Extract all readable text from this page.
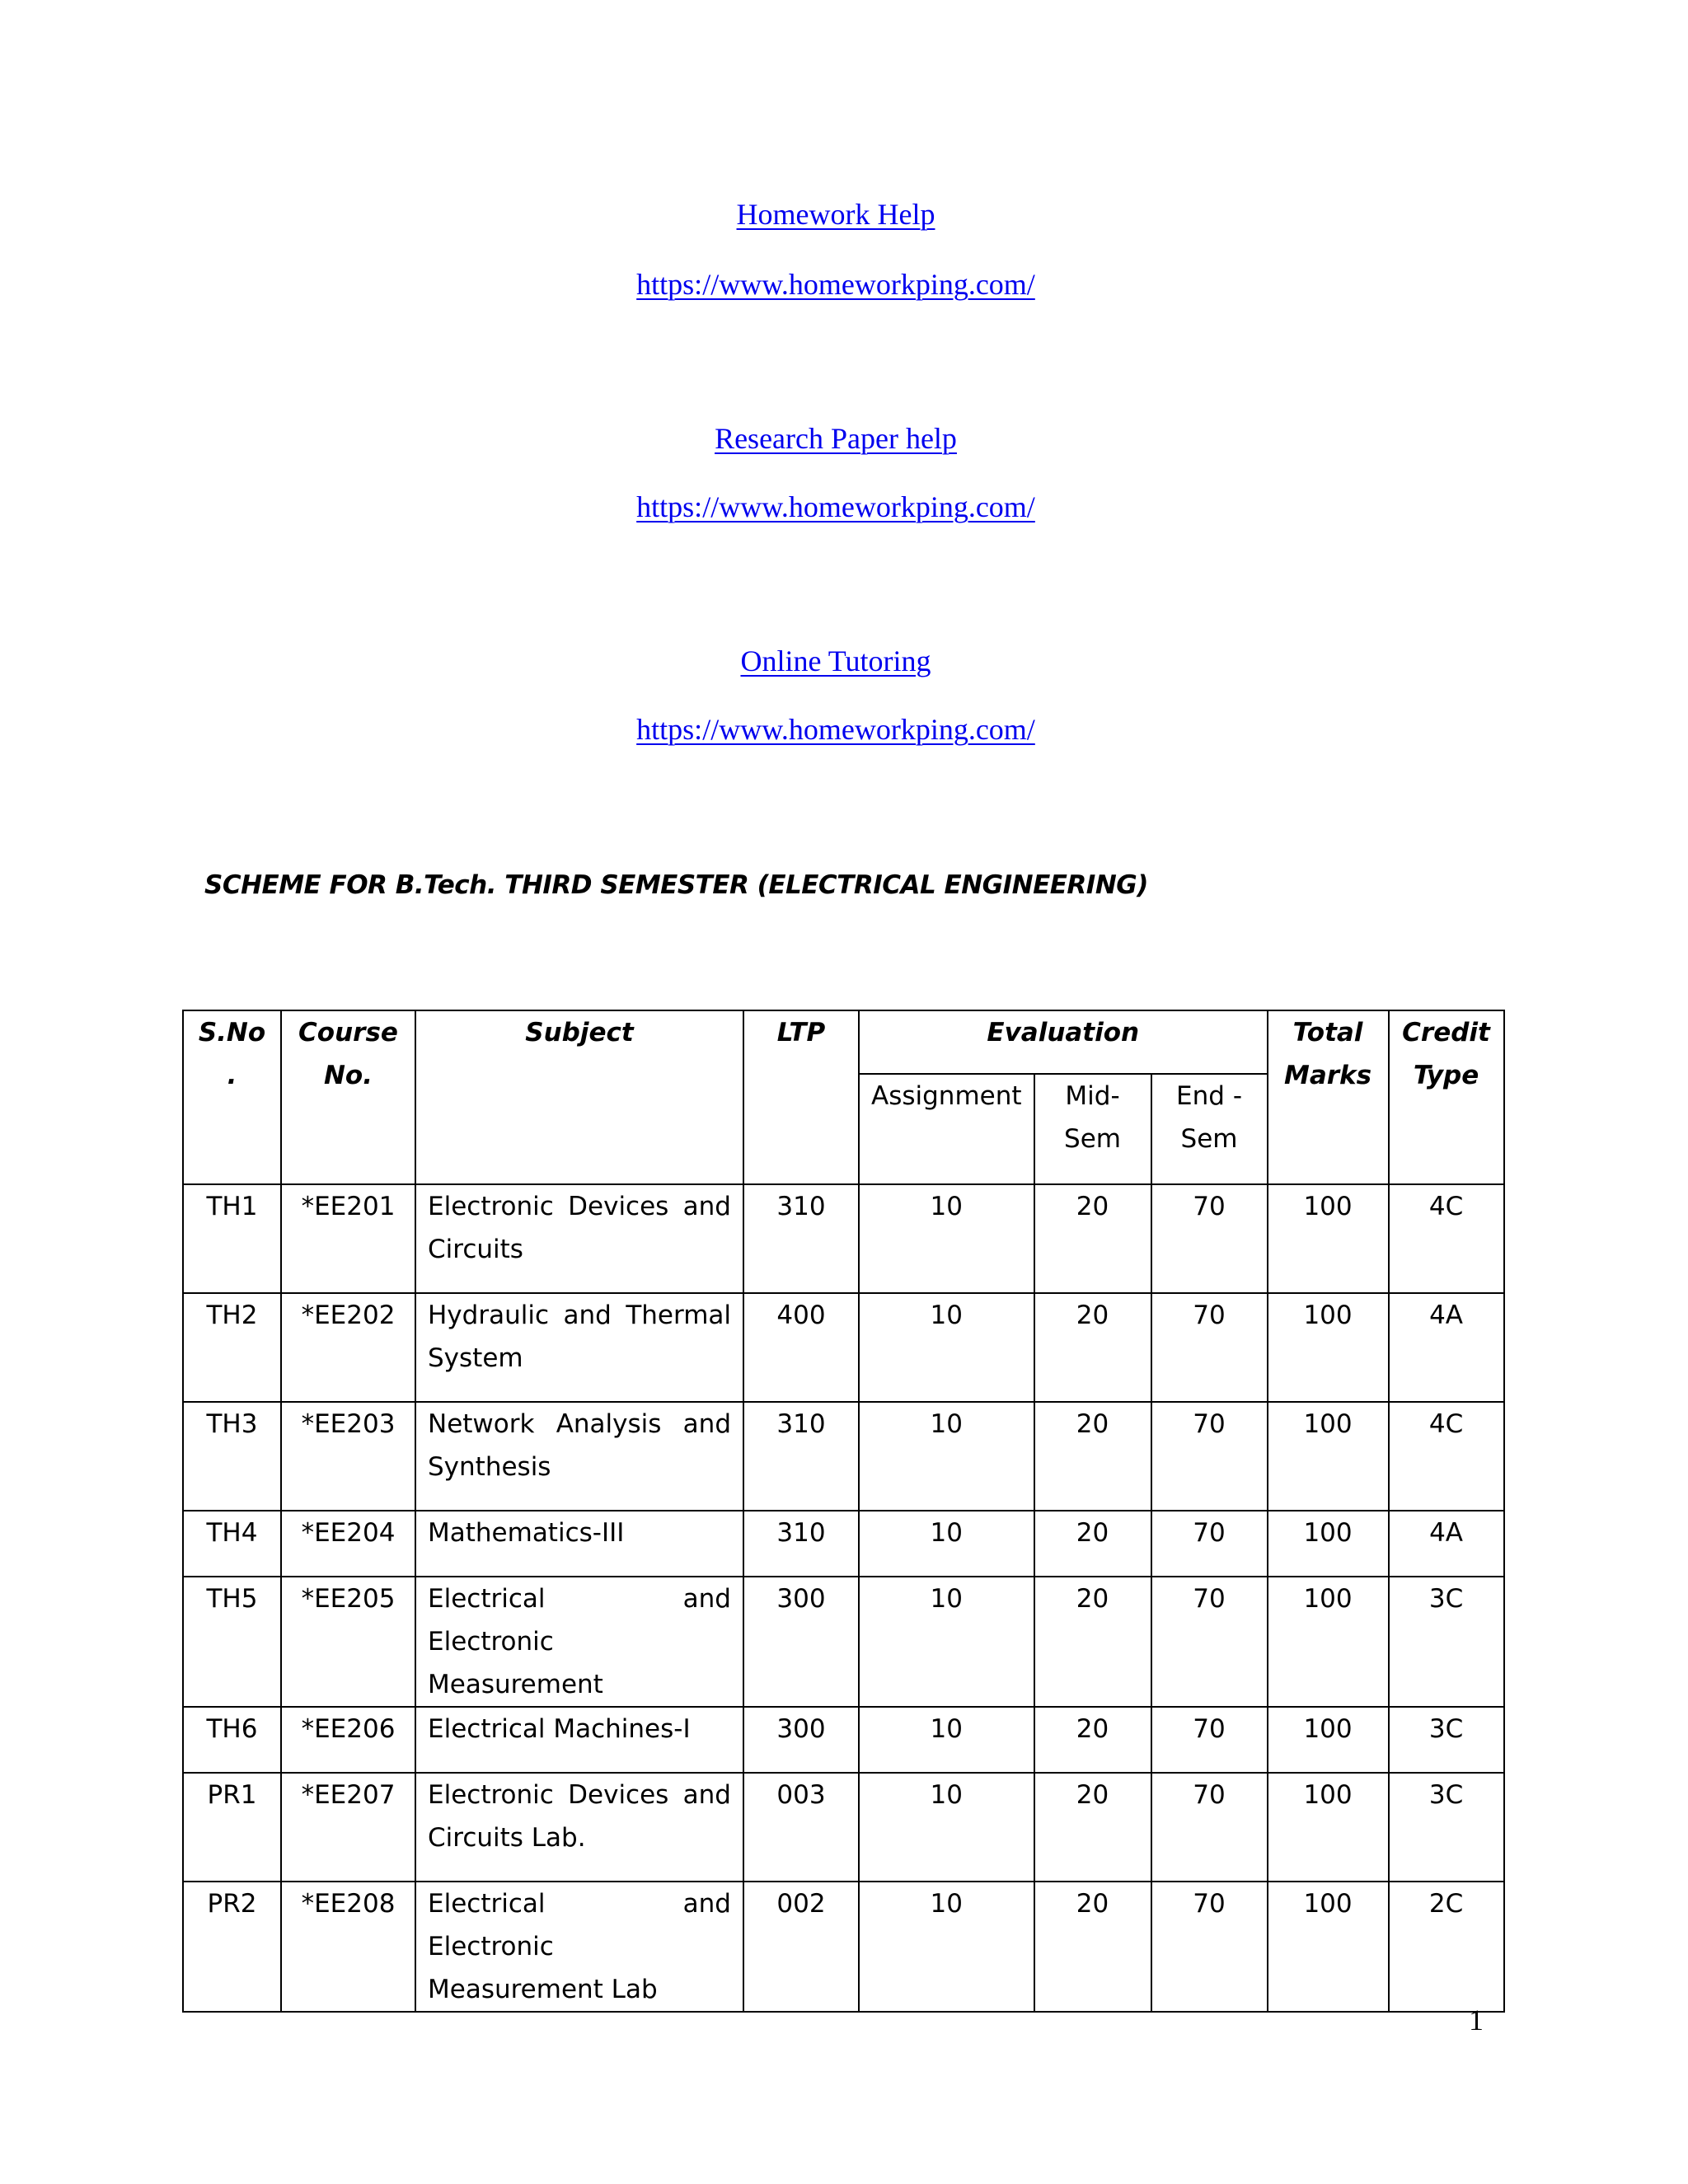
Homework Help
https://www.homeworkping.com/
Research Paper help
https://www.homeworkping.com/
Online Tutoring
https://www.homeworkping.com/
SCHEME FOR B.Tech. THIRD SEMESTER (ELECTRICAL ENGINEERING)
S.No .	Course No.	Subject	LTP	Evaluation			Total Marks	Credit Type
				Assignment	Mid-Sem	End -Sem		
TH1	*EE201	Electronic Devices and Circuits	310	10	20	70	100	4C
TH2	*EE202	Hydraulic and Thermal System	400	10	20	70	100	4A
TH3	*EE203	Network Analysis and Synthesis	310	10	20	70	100	4C
TH4	*EE204	Mathematics-III	310	10	20	70	100	4A
TH5	*EE205	Electrical and Electronic Measurement	300	10	20	70	100	3C
TH6	*EE206	Electrical Machines-I	300	10	20	70	100	3C
PR1	*EE207	Electronic Devices and Circuits Lab.	003	10	20	70	100	3C
PR2	*EE208	Electrical and Electronic Measurement Lab	002	10	20	70	100	2C
1
